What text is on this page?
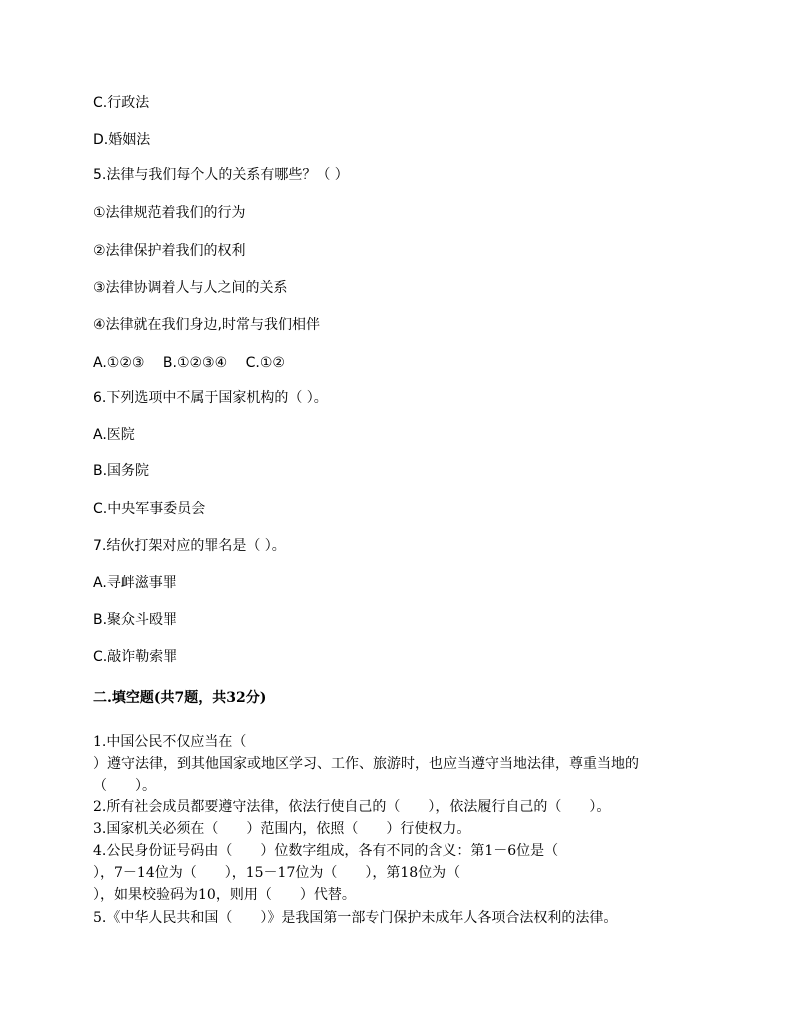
C.行政法
D.婚姻法
5.法律与我们每个人的关系有哪些？（ ）
①法律规范着我们的行为
②法律保护着我们的权利
③法律协调着人与人之间的关系
④法律就在我们身边,时常与我们相伴
A.①②③　 B.①②③④　 C.①②
6.下列选项中不属于国家机构的（ ）。
A.医院
B.国务院
C.中央军事委员会
7.结伙打架对应的罪名是（ ）。
A.寻衅滋事罪
B.聚众斗殴罪
C.敲诈勒索罪
二.填空题(共7题，共32分)
1.中国公民不仅应当在（
）遵守法律，到其他国家或地区学习、工作、旅游时，也应当遵守当地法律，尊重当地的
（　　）。
2.所有社会成员都要遵守法律，依法行使自己的（　　），依法履行自己的（　　）。
3.国家机关必须在（　　）范围内，依照（　　）行使权力。
4.公民身份证号码由（　　）位数字组成，各有不同的含义：第1－6位是（
），7－14位为（　　），15－17位为（　　），第18位为（
），如果校验码为10，则用（　　）代替。
5.《中华人民共和国（　　）》是我国第一部专门保护未成年人各项合法权利的法律。
